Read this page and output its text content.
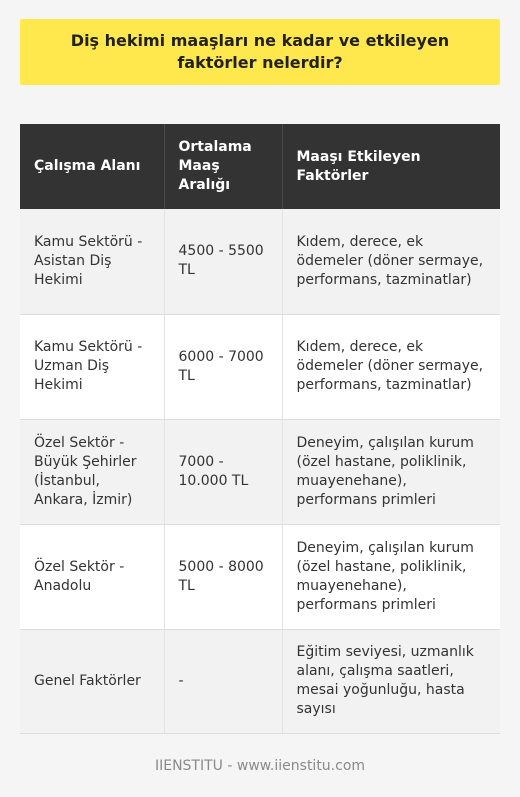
Diş hekimi maaşları ne kadar ve etkileyen faktörler nelerdir?
Çalışma Alanı	Ortalama Maaş Aralığı	Maaşı Etkileyen Faktörler
Kamu Sektörü - Asistan Diş Hekimi	4500 - 5500 TL	Kıdem, derece, ek ödemeler (döner sermaye, performans, tazminatlar)
Kamu Sektörü - Uzman Diş Hekimi	6000 - 7000 TL	Kıdem, derece, ek ödemeler (döner sermaye, performans, tazminatlar)
Özel Sektör - Büyük Şehirler (İstanbul, Ankara, İzmir)	7000 - 10.000 TL	Deneyim, çalışılan kurum (özel hastane, poliklinik, muayenehane), performans primleri
Özel Sektör - Anadolu	5000 - 8000 TL	Deneyim, çalışılan kurum (özel hastane, poliklinik, muayenehane), performans primleri
Genel Faktörler	-	Eğitim seviyesi, uzmanlık alanı, çalışma saatleri, mesai yoğunluğu, hasta sayısı
IIENSTITU - www.iienstitu.com
